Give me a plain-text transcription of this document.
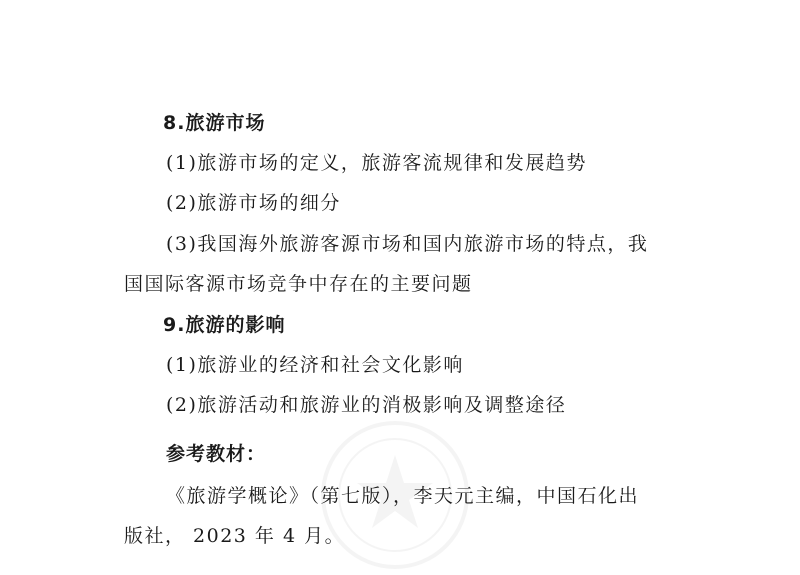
8.旅游市场
(1)旅游市场的定义，旅游客流规律和发展趋势
(2)旅游市场的细分
(3)我国海外旅游客源市场和国内旅游市场的特点，我
国国际客源市场竞争中存在的主要问题
9.旅游的影响
(1)旅游业的经济和社会文化影响
(2)旅游活动和旅游业的消极影响及调整途径
参考教材：
《旅游学概论》（第七版），李天元主编，中国石化出
版社， 2023 年 4 月。
